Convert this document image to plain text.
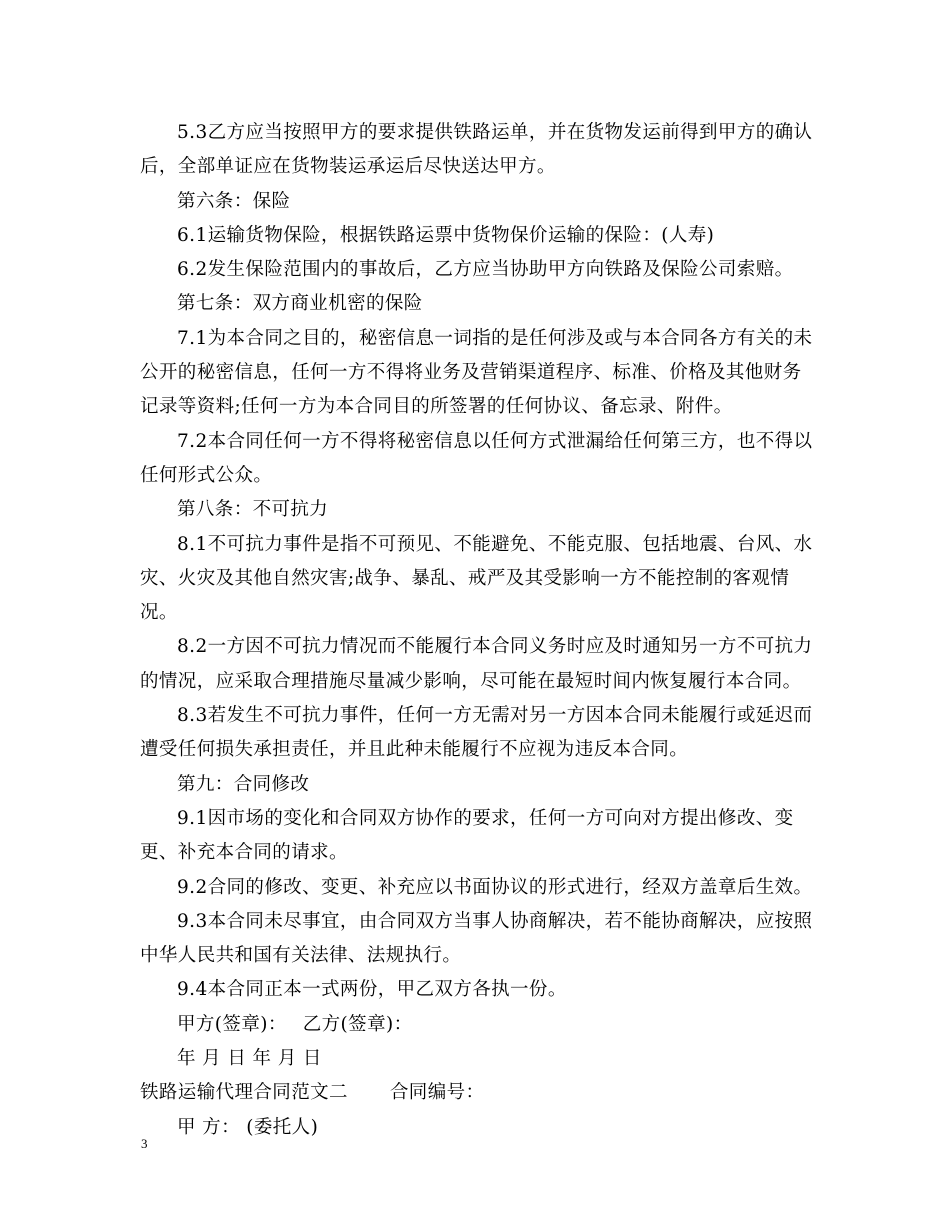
5.3乙方应当按照甲方的要求提供铁路运单，并在货物发运前得到甲方的确认后，全部单证应在货物装运承运后尽快送达甲方。

第六条：保险

6.1运输货物保险，根据铁路运票中货物保价运输的保险：(人寿)

6.2发生保险范围内的事故后，乙方应当协助甲方向铁路及保险公司索赔。

第七条：双方商业机密的保险

7.1为本合同之目的，秘密信息一词指的是任何涉及或与本合同各方有关的未公开的秘密信息，任何一方不得将业务及营销渠道程序、标准、价格及其他财务记录等资料;任何一方为本合同目的所签署的任何协议、备忘录、附件。

7.2本合同任何一方不得将秘密信息以任何方式泄漏给任何第三方，也不得以任何形式公众。

第八条：不可抗力

8.1不可抗力事件是指不可预见、不能避免、不能克服、包括地震、台风、水灾、火灾及其他自然灾害;战争、暴乱、戒严及其受影响一方不能控制的客观情况。

8.2一方因不可抗力情况而不能履行本合同义务时应及时通知另一方不可抗力的情况，应采取合理措施尽量减少影响，尽可能在最短时间内恢复履行本合同。

8.3若发生不可抗力事件，任何一方无需对另一方因本合同未能履行或延迟而遭受任何损失承担责任，并且此种未能履行不应视为违反本合同。

第九：合同修改

9.1因市场的变化和合同双方协作的要求，任何一方可向对方提出修改、变更、补充本合同的请求。

9.2合同的修改、变更、补充应以书面协议的形式进行，经双方盖章后生效。

9.3本合同未尽事宜，由合同双方当事人协商解决，若不能协商解决，应按照中华人民共和国有关法律、法规执行。

9.4本合同正本一式两份，甲乙双方各执一份。

甲方(签章)： 乙方(签章)：

年 月 日 年 月 日

铁路运输代理合同范文二 合同编号：

甲 方： (委托人)

3
